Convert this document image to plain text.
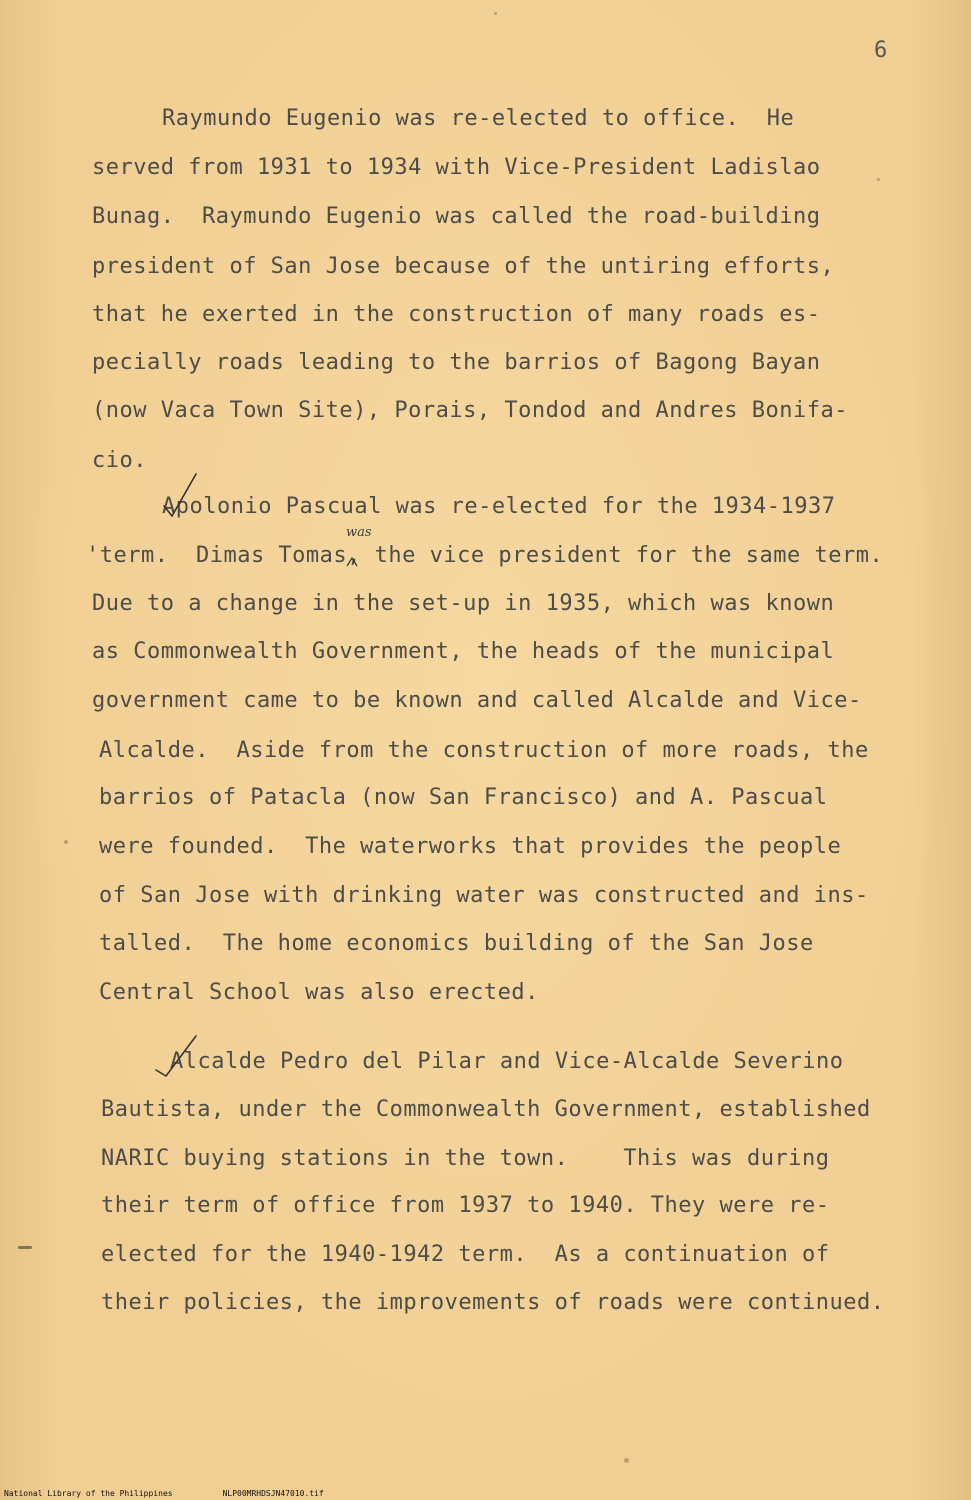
6
Raymundo Eugenio was re-elected to office.  He
served from 1931 to 1934 with Vice-President Ladislao
Bunag.  Raymundo Eugenio was called the road-building
president of San Jose because of the untiring efforts,
that he exerted in the construction of many roads es-
pecially roads leading to the barrios of Bagong Bayan
(now Vaca Town Site), Porais, Tondod and Andres Bonifa-
cio.
Apolonio Pascual was re-elected for the 1934-1937
was
'term.  Dimas Tomas, the vice president for the same term.
Due to a change in the set-up in 1935, which was known
as Commonwealth Government, the heads of the municipal
government came to be known and called Alcalde and Vice-
Alcalde.  Aside from the construction of more roads, the
barrios of Patacla (now San Francisco) and A. Pascual
were founded.  The waterworks that provides the people
of San Jose with drinking water was constructed and ins-
talled.  The home economics building of the San Jose
Central School was also erected.
Alcalde Pedro del Pilar and Vice-Alcalde Severino
Bautista, under the Commonwealth Government, established
NARIC buying stations in the town.    This was during
their term of office from 1937 to 1940. They were re-
elected for the 1940-1942 term.  As a continuation of
their policies, the improvements of roads were continued.
National Library of the Philippines	NLP00MRHDSJN47010.tif
